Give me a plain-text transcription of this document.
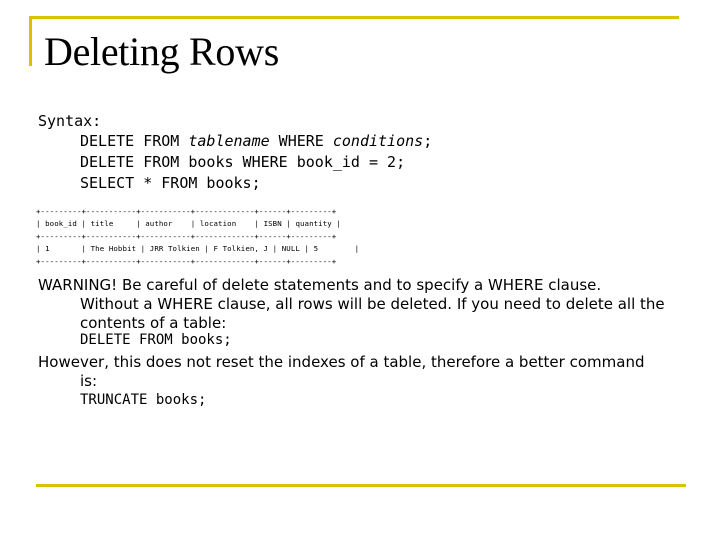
Deleting Rows
Syntax:
DELETE FROM tablename WHERE conditions;
DELETE FROM books WHERE book_id = 2;
SELECT * FROM books;

+---------+-----------+-----------+-------------+------+---------+
| book_id | title     | author    | location    | ISBN | quantity |
+---------+-----------+-----------+-------------+------+---------+
| 1       | The Hobbit | JRR Tolkien | F Tolkien, J | NULL | 5        |
+---------+-----------+-----------+-------------+------+---------+

WARNING! Be careful of delete statements and to specify a WHERE clause.
Without a WHERE clause, all rows will be deleted. If you need to delete all the contents of a table:
DELETE FROM books;
However, this does not reset the indexes of a table, therefore a better command
is:
TRUNCATE books;
